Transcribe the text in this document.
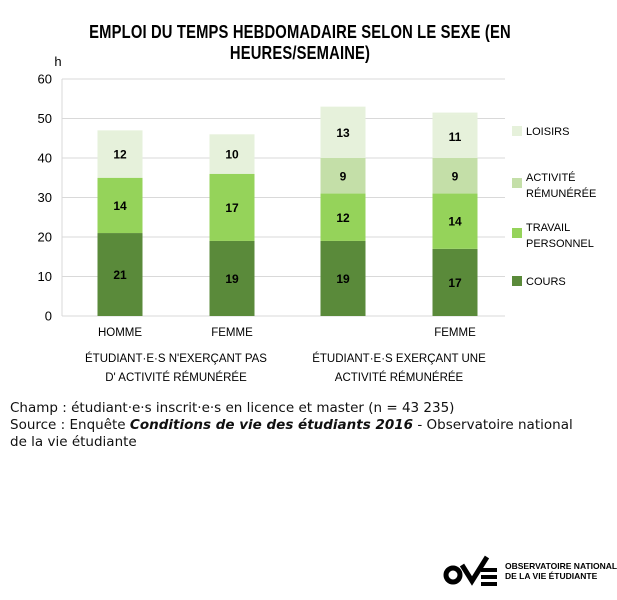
EMPLOI DU TEMPS HEBDOMADAIRE SELON LE SEXE (EN HEURES/SEMAINE)
h
0
10
20
30
40
50
60
21
14
12
19
17
10
19
12
9
13
17
14
9
11
HOMME	FEMME	FEMME
ÉTUDIANT·E·S N'EXERÇANT PAS
D' ACTIVITÉ RÉMUNÉRÉE
ÉTUDIANT·E·S EXERÇANT UNE
ACTIVITÉ RÉMUNÉRÉE
LOISIRS
ACTIVITÉ
RÉMUNÉRÉE
TRAVAIL
PERSONNEL
COURS
Champ : étudiant·e·s inscrit·e·s en licence et master (n = 43 235)
Source : Enquête Conditions de vie des étudiants 2016 - Observatoire national de la vie étudiante
OBSERVATOIRE NATIONAL
DE LA VIE ÉTUDIANTE
